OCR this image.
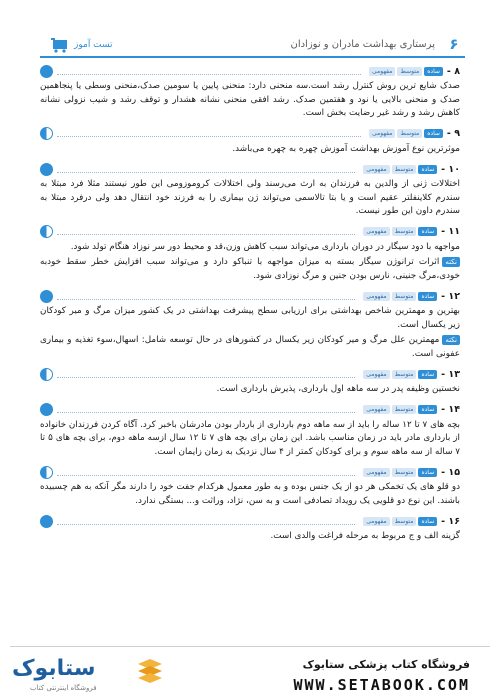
۶
پرستاری بهداشت مادران و نوزادان
تست آموز
۸ -
ساده
متوسط
مفهومی
صدک شایع ترین روش کنترل رشد است.سه منحنی دارد: منحنی پایین یا سومین صدک،منحنی وسطی یا پنجاهمین صدک و منحنی بالایی یا نود و هفتمین صدک. رشد افقی منحنی نشانه هشدار و توقف رشد و شیب نزولی نشانه کاهش رشد و رشد غیر رضایت بخش است.
۹ -
ساده
متوسط
مفهومی
موثرترین نوع آموزش بهداشت آموزش چهره به چهره می‌باشد.
۱۰ -
ساده
متوسط
مفهومی
اختلالات ژنی از والدین به فرزندان به ارث می‌رسند ولی اختلالات کروموزومی این طور نیستند مثلا فرد مبتلا به سندرم کلاینفلتر عقیم است و یا بتا تالاسمی می‌تواند ژن بیماری را به فرزند خود انتقال دهد ولی درفرد مبتلا به سندرم داون این طور نیست.
۱۱ -
ساده
متوسط
مفهومی
مواجهه با دود سیگار در دوران بارداری می‌تواند سبب کاهش وزن،قد و محیط دور سر نوزاد هنگام تولد شود.
نکتهاثرات ترانوژن سیگار بسته به میزان مواجهه با تنباکو دارد و می‌تواند سبب افزایش خطر سقط خودبه خودی،مرگ جنینی، نارس بودن جنین و مرگ نوزادی شود.
۱۲ -
ساده
متوسط
مفهومی
بهترین و مهمترین شاخص بهداشتی برای ارزیابی سطح پیشرفت بهداشتی در یک کشور میزان مرگ و میر کودکان زیر یکسال است.
نکتهمهمترین علل مرگ و میر کودکان زیر یکسال در کشورهای در حال توسعه شامل: اسهال،سوء تغذیه و بیماری عفونی است.
۱۳ -
ساده
متوسط
مفهومی
نخستین وظیفه پدر در سه ماهه اول بارداری، پذیرش بارداری است.
۱۴ -
ساده
متوسط
مفهومی
بچه های ۷ تا ۱۲ ساله را باید از سه ماهه دوم بارداری از باردار بودن مادرشان باخبر کرد. آگاه کردن فرزندان خانواده از بارداری مادر باید در زمان مناسب باشد. این زمان برای بچه های ۷ تا ۱۲ سال ازسه ماهه دوم، برای بچه های ۵ تا ۷ ساله از سه ماهه سوم و برای کودکان کمتر از ۴ سال نزدیک به زمان زایمان است.
۱۵ -
ساده
متوسط
مفهومی
دو قلو های یک تخمکی هر دو از یک جنس بوده و به طور معمول هرکدام جفت خود را دارند مگر آنکه به هم چسبیده باشند. این نوع دو قلویی یک رویداد تصادفی است و به سن، نژاد، وراثت و... بستگی ندارد.
۱۶ -
ساده
متوسط
مفهومی
گزینه الف و ج مربوط به مرحله فراغت والدی است.
ستابوک
فروشگاه اینترنتی کتاب
فروشگاه کتاب پزشکی ستابوک
WWW.SETABOOK.COM
